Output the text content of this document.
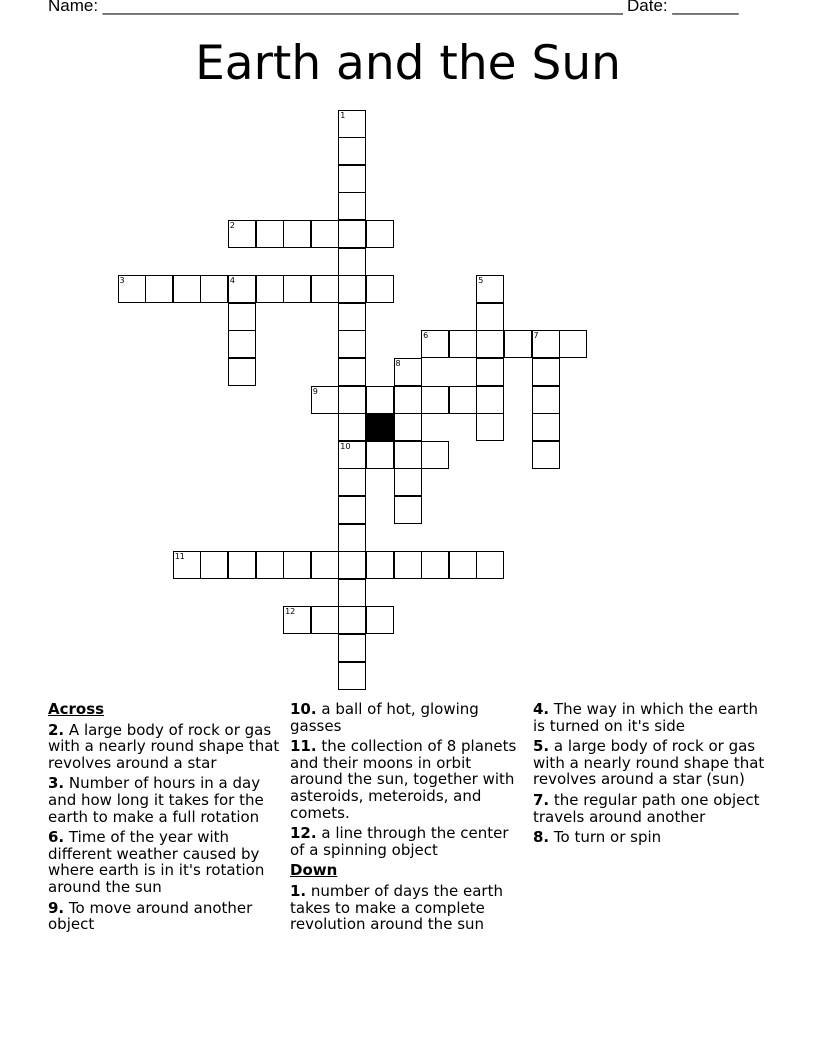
Name: _______________________________________________________ Date: _______
Earth and the Sun
1
2
3	4	5
6	7
8
9
10
11
12
Across
2. A large body of rock or gas with a nearly round shape that revolves around a star
3. Number of hours in a day and how long it takes for the earth to make a full rotation
6. Time of the year with different weather caused by where earth is in it's rotation around the sun
9. To move around another object
10. a ball of hot, glowing gasses
11. the collection of 8 planets and their moons in orbit around the sun, together with asteroids, meteroids, and comets.
12. a line through the center of a spinning object
Down
1. number of days the earth takes to make a complete revolution around the sun
4. The way in which the earth is turned on it's side
5. a large body of rock or gas with a nearly round shape that revolves around a star (sun)
7. the regular path one object travels around another
8. To turn or spin
